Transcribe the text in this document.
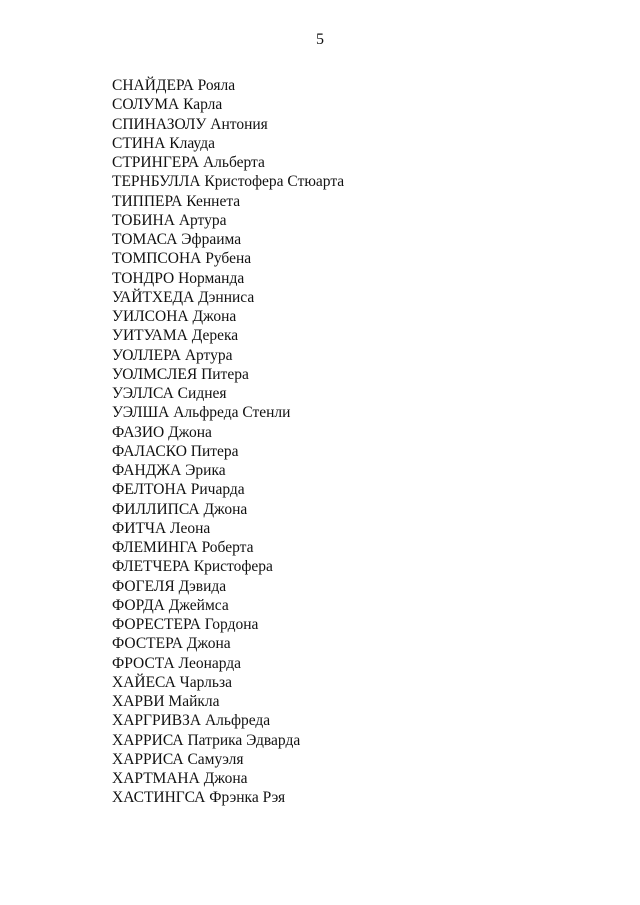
5
СНАЙДЕРА Рояла
СОЛУМА Карла
СПИНАЗОЛУ Антония
СТИНА Клауда
СТРИНГЕРА Альберта
ТЕРНБУЛЛА Кристофера Стюарта
ТИППЕРА Кеннета
ТОБИНА Артура
ТОМАСА Эфраима
ТОМПСОНА Рубена
ТОНДРО Норманда
УАЙТХЕДА Дэнниса
УИЛСОНА Джона
УИТУАМА Дерека
УОЛЛЕРА Артура
УОЛМСЛЕЯ Питера
УЭЛЛСА Сиднея
УЭЛША Альфреда Стенли
ФАЗИО Джона
ФАЛАСКО Питера
ФАНДЖА Эрика
ФЕЛТОНА Ричарда
ФИЛЛИПСА Джона
ФИТЧА Леона
ФЛЕМИНГА Роберта
ФЛЕТЧЕРА Кристофера
ФОГЕЛЯ Дэвида
ФОРДА Джеймса
ФОРЕСТЕРА Гордона
ФОСТЕРА Джона
ФРОСТА Леонарда
ХАЙЕСА Чарльза
ХАРВИ Майкла
ХАРГРИВЗА Альфреда
ХАРРИСА Патрика Эдварда
ХАРРИСА Самуэля
ХАРТМАНА Джона
ХАСТИНГСА Фрэнка Рэя
